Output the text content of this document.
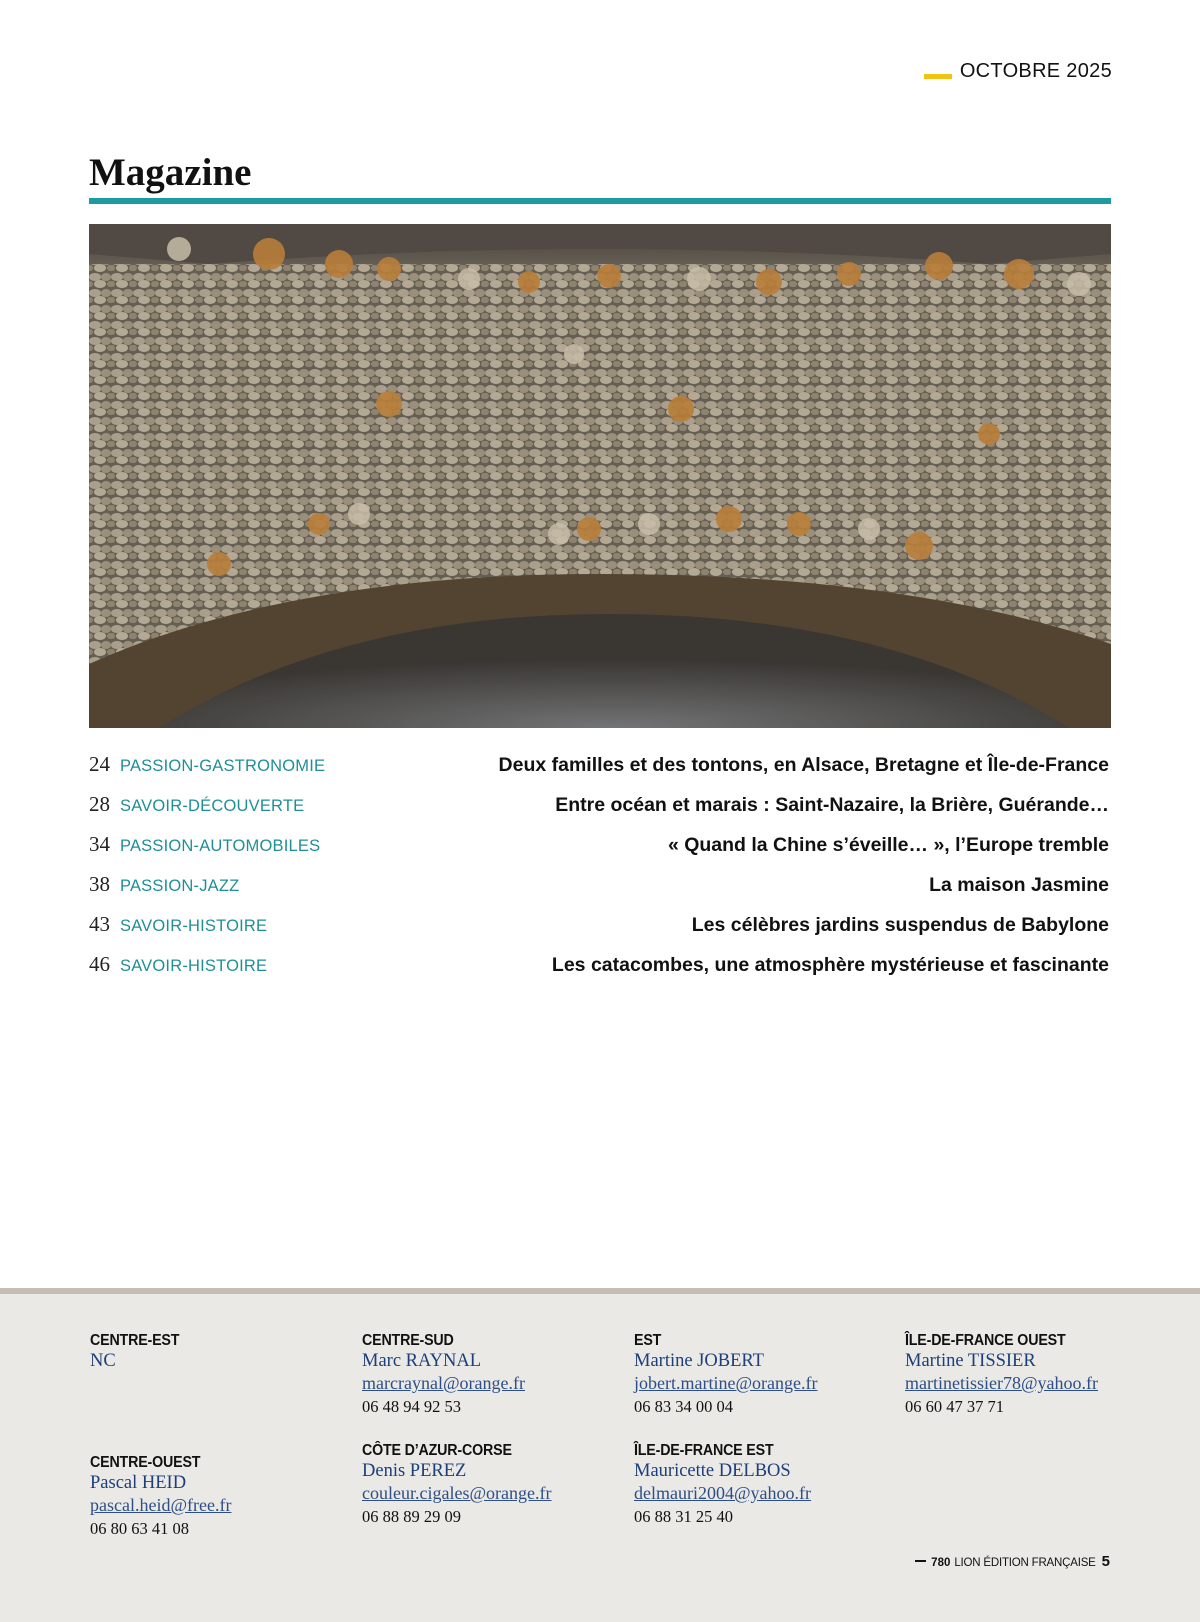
OCTOBRE 2025
Magazine
24 PASSION-GASTRONOMIE	Deux familles et des tontons, en Alsace, Bretagne et Île-de-France
28 SAVOIR-DÉCOUVERTE	Entre océan et marais : Saint-Nazaire, la Brière, Guérande…
34 PASSION-AUTOMOBILES	« Quand la Chine s’éveille… », l’Europe tremble
38 PASSION-JAZZ	La maison Jasmine
43 SAVOIR-HISTOIRE	Les célèbres jardins suspendus de Babylone
46 SAVOIR-HISTOIRE	Les catacombes, une atmosphère mystérieuse et fascinante
CENTRE-EST
NC
CENTRE-SUD
Marc RAYNAL
marcraynal@orange.fr
06 48 94 92 53
EST
Martine JOBERT
jobert.martine@orange.fr
06 83 34 00 04
ÎLE-DE-FRANCE OUEST
Martine TISSIER
martinetissier78@yahoo.fr
06 60 47 37 71
CENTRE-OUEST
Pascal HEID
pascal.heid@free.fr
06 80 63 41 08
CÔTE D’AZUR-CORSE
Denis PEREZ
couleur.cigales@orange.fr
06 88 89 29 09
ÎLE-DE-FRANCE EST
Mauricette DELBOS
delmauri2004@yahoo.fr
06 88 31 25 40
780 LION ÉDITION FRANÇAISE 5
